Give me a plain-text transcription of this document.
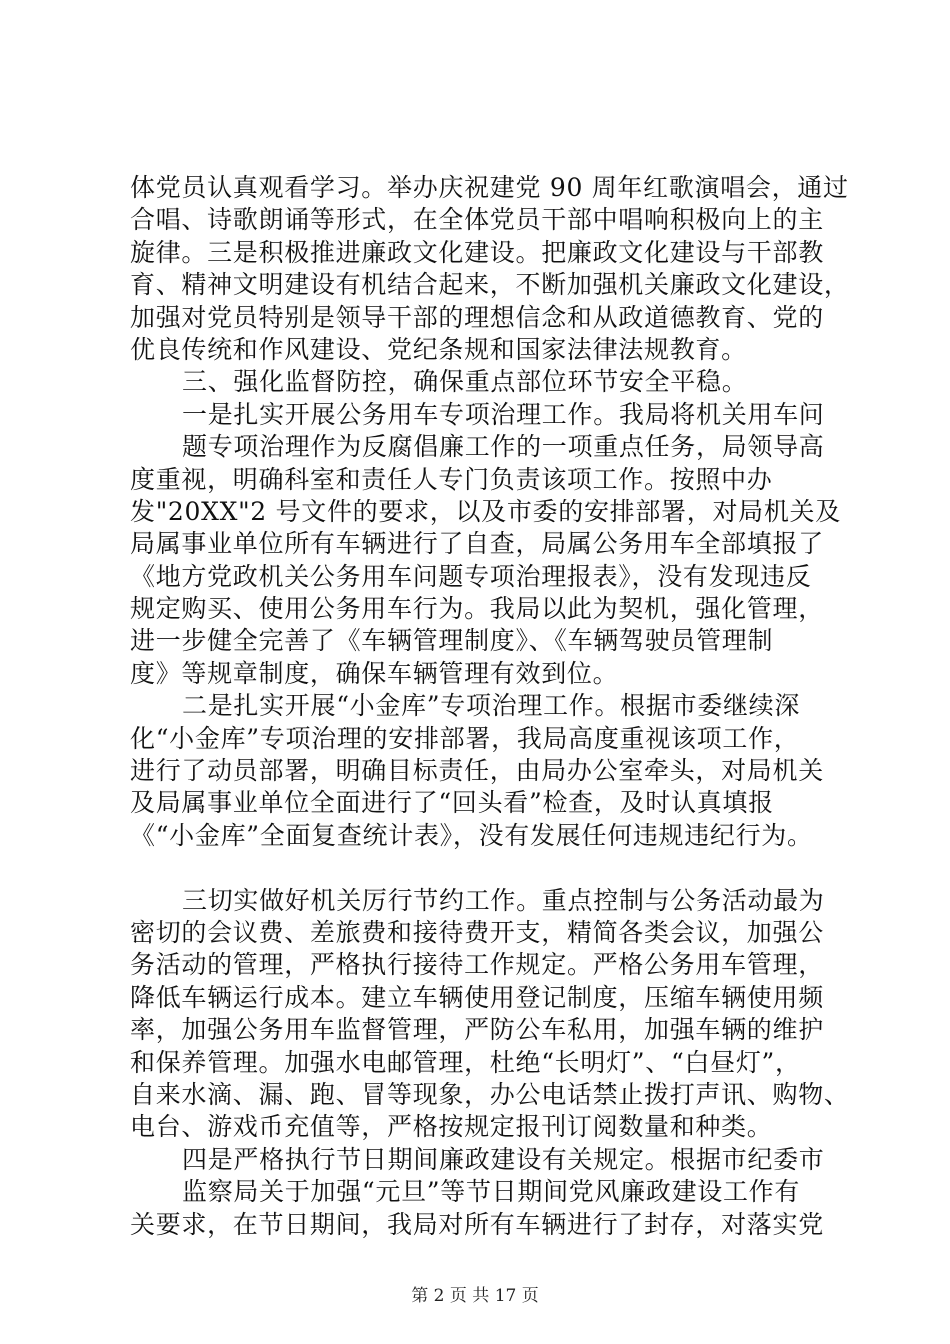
体党员认真观看学习。举办庆祝建党 90 周年红歌演唱会，通过
合唱、诗歌朗诵等形式，在全体党员干部中唱响积极向上的主
旋律。三是积极推进廉政文化建设。把廉政文化建设与干部教
育、精神文明建设有机结合起来，不断加强机关廉政文化建设，
加强对党员特别是领导干部的理想信念和从政道德教育、党的
优良传统和作风建设、党纪条规和国家法律法规教育。
三、强化监督防控，确保重点部位环节安全平稳。
一是扎实开展公务用车专项治理工作。我局将机关用车问
题专项治理作为反腐倡廉工作的一项重点任务，局领导高
度重视，明确科室和责任人专门负责该项工作。按照中办
发"20XX"2 号文件的要求，以及市委的安排部署，对局机关及
局属事业单位所有车辆进行了自查，局属公务用车全部填报了
《地方党政机关公务用车问题专项治理报表》，没有发现违反
规定购买、使用公务用车行为。我局以此为契机，强化管理，
进一步健全完善了《车辆管理制度》、《车辆驾驶员管理制
度》等规章制度，确保车辆管理有效到位。
二是扎实开展“小金库”专项治理工作。根据市委继续深
化“小金库”专项治理的安排部署，我局高度重视该项工作，
进行了动员部署，明确目标责任，由局办公室牵头，对局机关
及局属事业单位全面进行了“回头看”检查，及时认真填报
《“小金库”全面复查统计表》，没有发展任何违规违纪行为。
三切实做好机关厉行节约工作。重点控制与公务活动最为
密切的会议费、差旅费和接待费开支，精简各类会议，加强公
务活动的管理，严格执行接待工作规定。严格公务用车管理，
降低车辆运行成本。建立车辆使用登记制度，压缩车辆使用频
率，加强公务用车监督管理，严防公车私用，加强车辆的维护
和保养管理。加强水电邮管理，杜绝“长明灯”、“白昼灯”，
自来水滴、漏、跑、冒等现象，办公电话禁止拨打声讯、购物、
电台、游戏币充值等，严格按规定报刊订阅数量和种类。
四是严格执行节日期间廉政建设有关规定。根据市纪委市
监察局关于加强“元旦”等节日期间党风廉政建设工作有
关要求，在节日期间，我局对所有车辆进行了封存，对落实党
第 2 页 共 17 页
